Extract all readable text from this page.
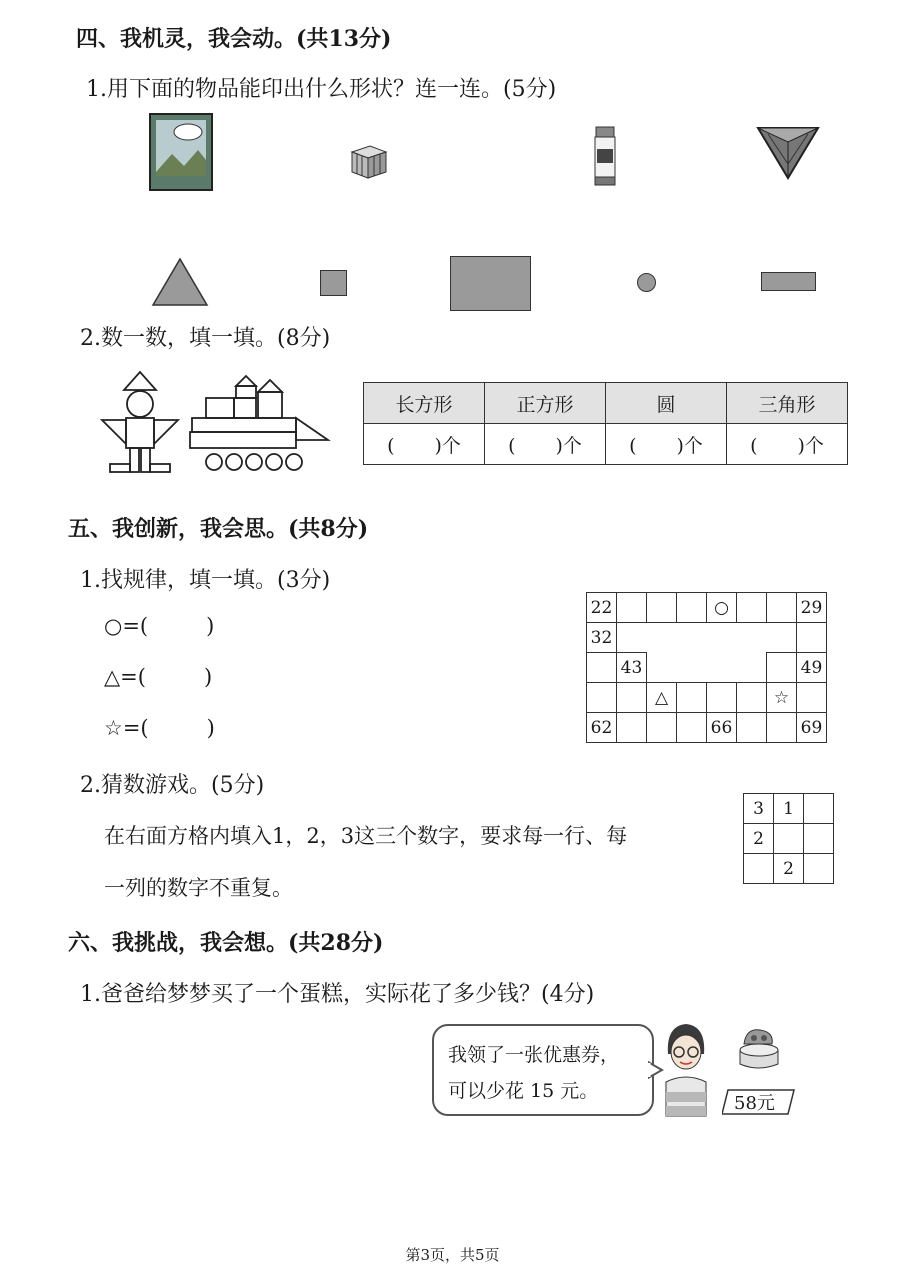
四、我机灵，我会动。(共13分)
1.用下面的物品能印出什么形状？连一连。(5分)
2.数一数，填一填。(8分)
长方形	正方形	圆	三角形
( )个	( )个	( )个	( )个
五、我创新，我会思。(共8分)
1.找规律，填一填。(3分)
○=(	)
△=(	)
☆=(	)
22				○			29
32							
	43						49
		△				☆	
62				66			69
2.猜数游戏。(5分)
在右面方格内填入1，2，3这三个数字，要求每一行、每
一列的数字不重复。
3	1	
2		
	2	
六、我挑战，我会想。(共28分)
1.爸爸给梦梦买了一个蛋糕，实际花了多少钱？(4分)
我领了一张优惠券，
可以少花 15 元。
58元
第3页，共5页
